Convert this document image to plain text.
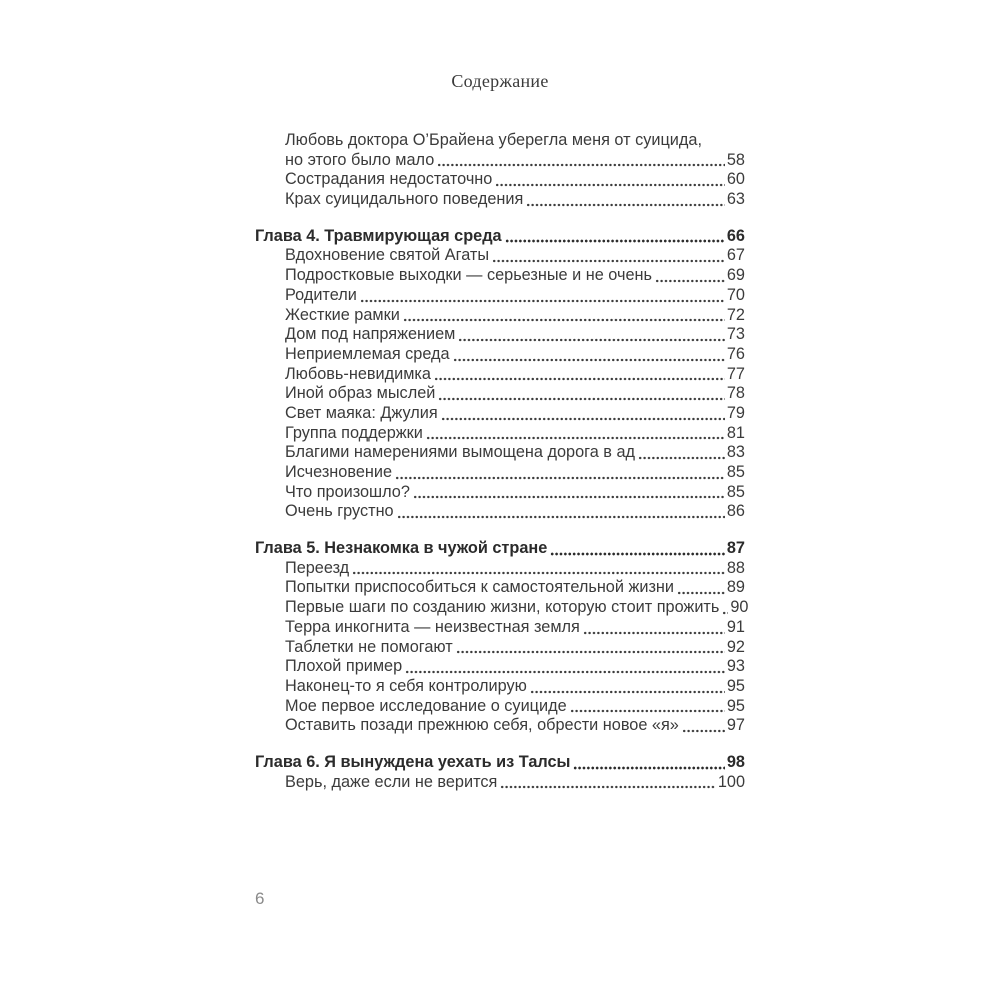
Содержание
Любовь доктора О’Брайена уберегла меня от суицида,
но этого было мало	58
Сострадания недостаточно	60
Крах суицидального поведения	63
Глава 4. Травмирующая среда	66
Вдохновение святой Агаты	67
Подростковые выходки — серьезные и не очень	69
Родители	70
Жесткие рамки	72
Дом под напряжением	73
Неприемлемая среда	76
Любовь-невидимка	77
Иной образ мыслей	78
Свет маяка: Джулия	79
Группа поддержки	81
Благими намерениями вымощена дорога в ад	83
Исчезновение	85
Что произошло?	85
Очень грустно	86
Глава 5. Незнакомка в чужой стране	87
Переезд	88
Попытки приспособиться к самостоятельной жизни	89
Первые шаги по созданию жизни, которую стоит прожить 90
Терра инкогнита — неизвестная земля	91
Таблетки не помогают	92
Плохой пример	93
Наконец-то я себя контролирую	95
Мое первое исследование о суициде	95
Оставить позади прежнюю себя, обрести новое «я»	97
Глава 6. Я вынуждена уехать из Талсы	98
Верь, даже если не верится	100
6
